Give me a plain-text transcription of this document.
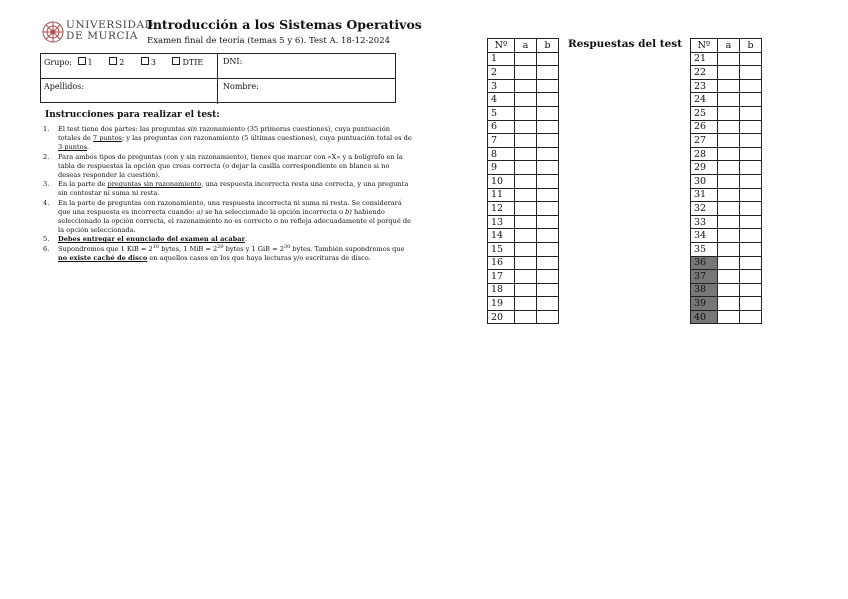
UNIVERSIDAD
DE MURCIA
Introducción a los Sistemas Operativos
Examen final de teoría (temas 5 y 6). Test A. 18-12-2024
Grupo: 1	2	3	DTIE DNI:
Apellidos:	Nombre:
Instrucciones para realizar el test:
1. El test tiene dos partes: las preguntas sin razonamiento (35 primeras cuestiones), cuya puntuación totales de 7 puntos; y las preguntas con razonamiento (5 últimas cuestiones), cuya puntuación total es de 3 puntos.
2. Para ambos tipos de preguntas (con y sin razonamiento), tienes que marcar con «X» y a bolígrafo en la tabla de respuestas la opción que creas correcta (o dejar la casilla correspondiente en blanco si no deseas responder la cuestión).
3. En la parte de preguntas sin razonamiento, una respuesta incorrecta resta una correcta, y una pregunta sin contestar ni suma ni resta.
4. En la parte de preguntas con razonamiento, una respuesta incorrecta ni suma ni resta. Se considerará que una respuesta es incorrecta cuando: a) se ha seleccionado la opción incorrecta o b) habiendo seleccionado la opción correcta, el razonamiento no es correcto o no refleja adecuadamente el porqué de la opción seleccionada.
5. Debes entregar el enunciado del examen al acabar.
6. Supondremos que 1 KiB = $2^{10}$ bytes, 1 MiB = $2^{20}$ bytes y 1 GiB = $2^{30}$ bytes. También supondremos que no existe caché de disco en aquellos casos en los que haya lecturas y/o escrituras de disco.
Nº	a	b
1		
2		
3		
4		
5		
6		
7		
8		
9		
10		
11		
12		
13		
14		
15		
16		
17		
18		
19		
20		
Respuestas del test Nº	a	b
21		
22		
23		
24		
25		
26		
27		
28		
29		
30		
31		
32		
33		
34		
35		
36		
37		
38		
39		
40		
